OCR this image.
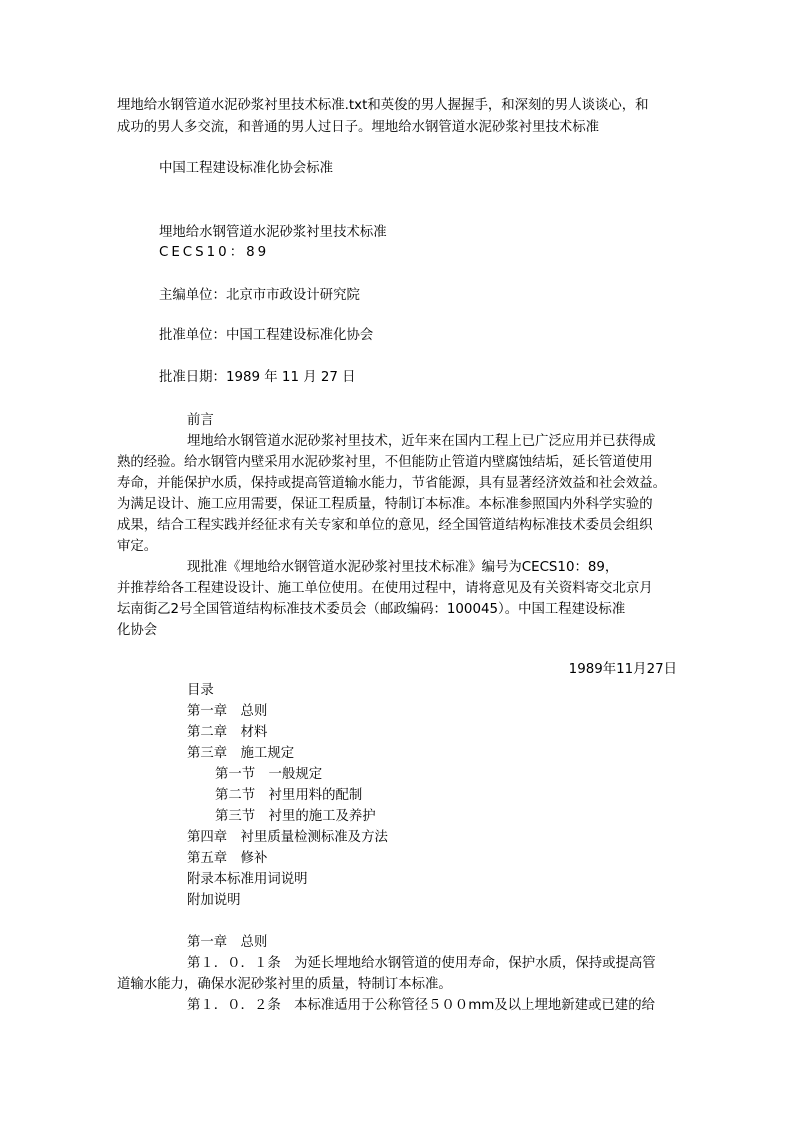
埋地给水钢管道水泥砂浆衬里技术标准.txt和英俊的男人握握手，和深刻的男人谈谈心，和
成功的男人多交流，和普通的男人过日子。埋地给水钢管道水泥砂浆衬里技术标准
中国工程建设标准化协会标准
埋地给水钢管道水泥砂浆衬里技术标准
CECS10：89
主编单位：北京市市政设计研究院
批准单位：中国工程建设标准化协会
批准日期：1989 年 11 月 27 日
前言
埋地给水钢管道水泥砂浆衬里技术，近年来在国内工程上已广泛应用并已获得成
熟的经验。给水钢管内壁采用水泥砂浆衬里，不但能防止管道内壁腐蚀结垢，延长管道使用
寿命，并能保护水质，保持或提高管道输水能力，节省能源，具有显著经济效益和社会效益。
为满足设计、施工应用需要，保证工程质量，特制订本标准。本标准参照国内外科学实验的
成果，结合工程实践并经征求有关专家和单位的意见，经全国管道结构标准技术委员会组织
审定。
现批准《埋地给水钢管道水泥砂浆衬里技术标准》编号为CECS10：89，
并推荐给各工程建设设计、施工单位使用。在使用过程中，请将意见及有关资料寄交北京月
坛南街乙2号全国管道结构标准技术委员会（邮政编码：100045）。中国工程建设标准
化协会
1989年11月27日
目录
第一章　总则
第二章　材料
第三章　施工规定
第一节　一般规定
第二节　衬里用料的配制
第三节　衬里的施工及养护
第四章　衬里质量检测标准及方法
第五章　修补
附录本标准用词说明
附加说明
第一章　总则
第１．０．１条　为延长埋地给水钢管道的使用寿命，保护水质，保持或提高管
道输水能力，确保水泥砂浆衬里的质量，特制订本标准。
第１．０．２条　本标准适用于公称管径５００mm及以上埋地新建或已建的给
